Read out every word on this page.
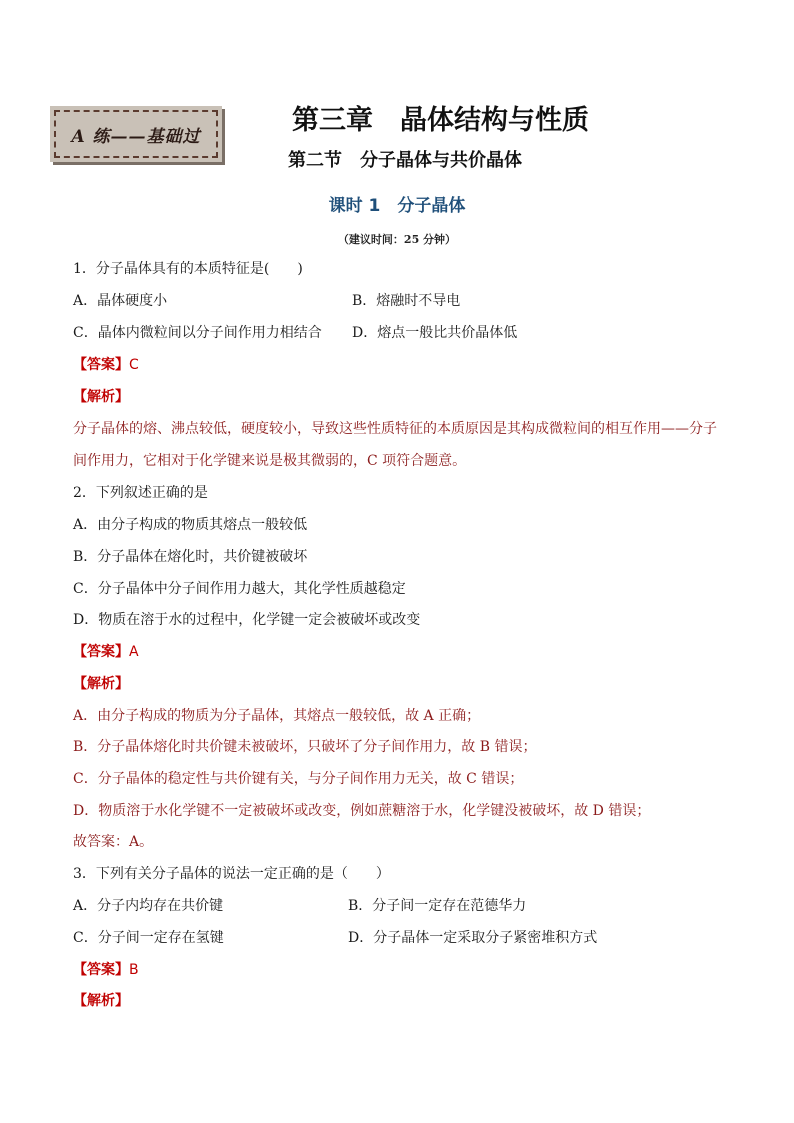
A 练——基础过
第三章　晶体结构与性质
第二节　分子晶体与共价晶体
课时 1　分子晶体
（建议时间：25 分钟）
1．分子晶体具有的本质特征是(　　)
A．晶体硬度小	B．熔融时不导电
C．晶体内微粒间以分子间作用力相结合 D．熔点一般比共价晶体低
【答案】C
【解析】
分子晶体的熔、沸点较低，硬度较小，导致这些性质特征的本质原因是其构成微粒间的相互作用——分子间作用力，它相对于化学键来说是极其微弱的，C 项符合题意。
2．下列叙述正确的是
A．由分子构成的物质其熔点一般较低
B．分子晶体在熔化时，共价键被破坏
C．分子晶体中分子间作用力越大，其化学性质越稳定
D．物质在溶于水的过程中，化学键一定会被破坏或改变
【答案】A
【解析】
A．由分子构成的物质为分子晶体，其熔点一般较低，故 A 正确；
B．分子晶体熔化时共价键未被破坏，只破坏了分子间作用力，故 B 错误；
C．分子晶体的稳定性与共价键有关，与分子间作用力无关，故 C 错误；
D．物质溶于水化学键不一定被破坏或改变，例如蔗糖溶于水，化学键没被破坏，故 D 错误；
故答案：A。
3．下列有关分子晶体的说法一定正确的是（　　）
A．分子内均存在共价键	B．分子间一定存在范德华力
C．分子间一定存在氢键	D．分子晶体一定采取分子紧密堆积方式
【答案】B
【解析】
